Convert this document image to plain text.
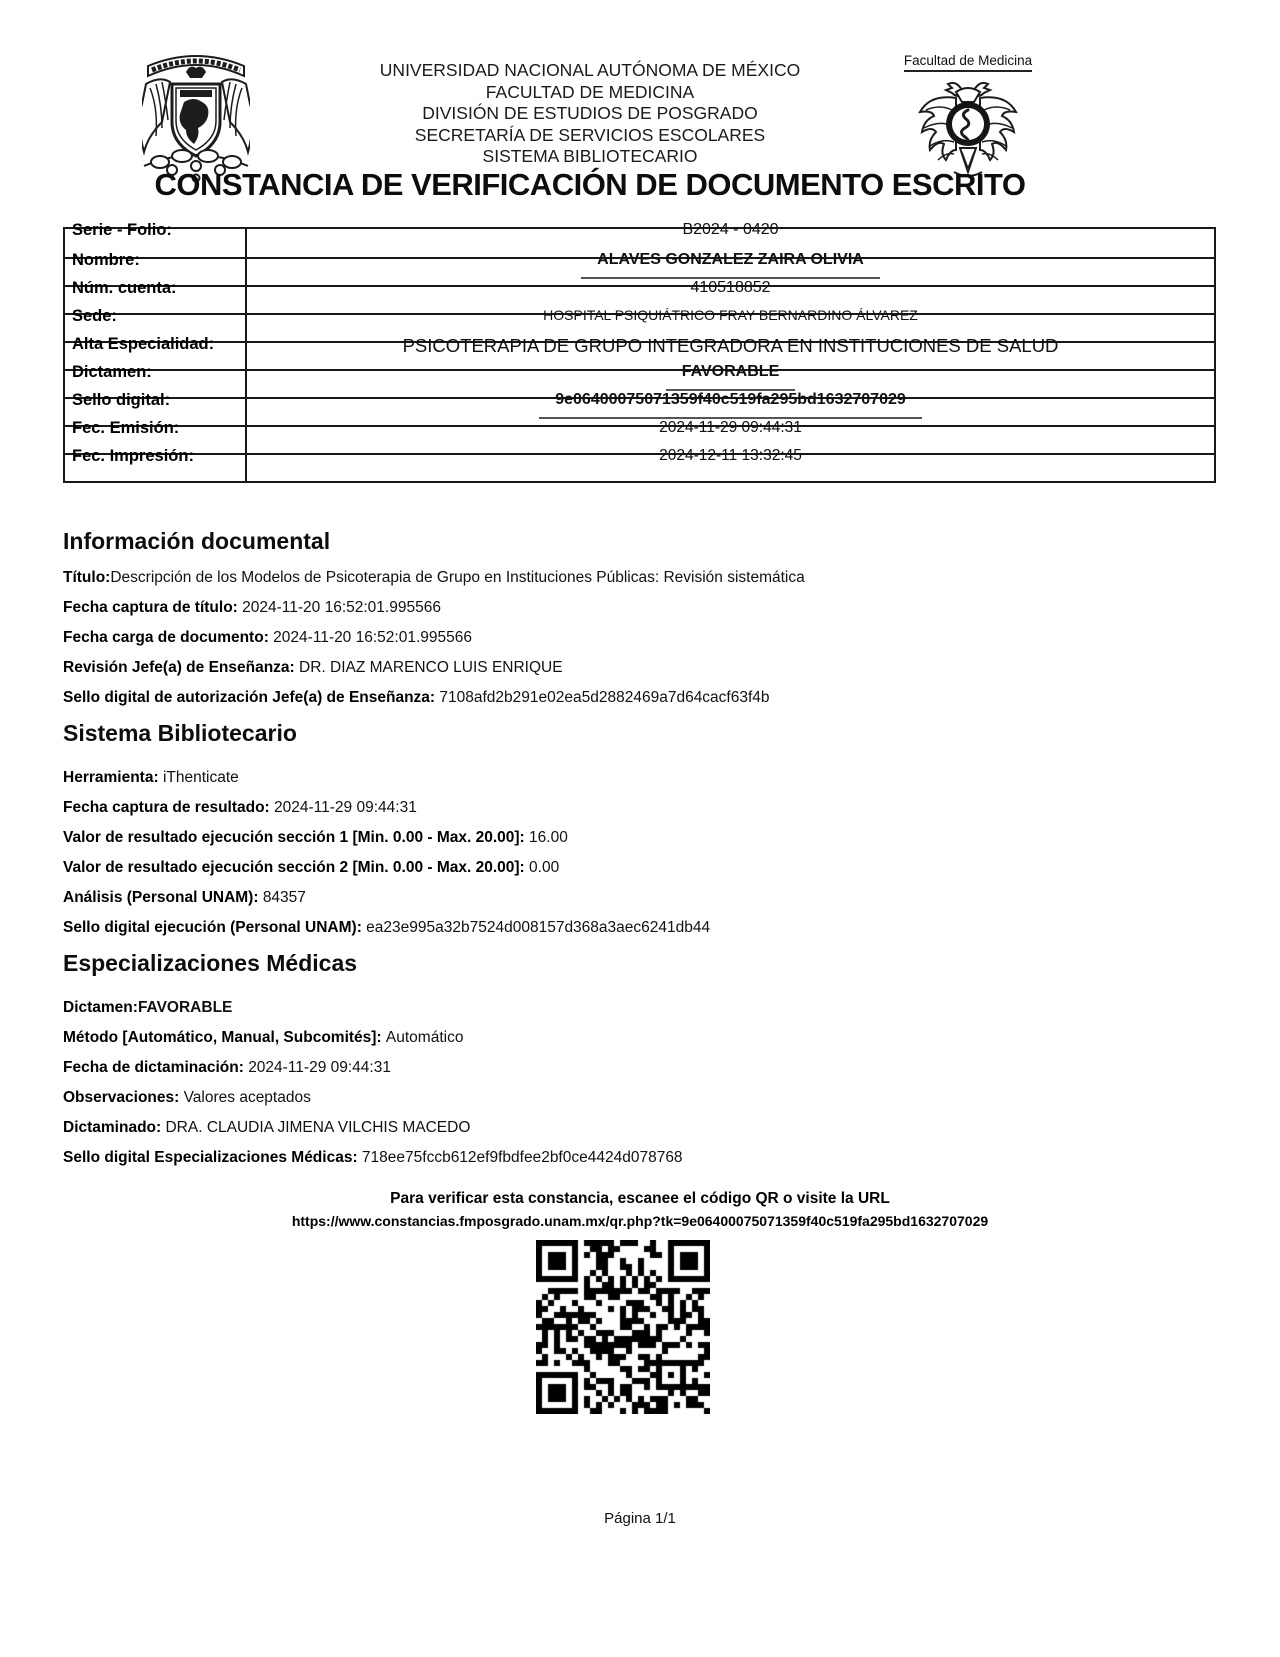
UNIVERSIDAD NACIONAL AUTÓNOMA DE MÉXICO
FACULTAD DE MEDICINA
DIVISIÓN DE ESTUDIOS DE POSGRADO
SECRETARÍA DE SERVICIOS ESCOLARES
SISTEMA BIBLIOTECARIO
Facultad de Medicina

CONSTANCIA DE VERIFICACIÓN DE DOCUMENTO ESCRITO
Serie - Folio:	B2024 - 0420
Nombre:	ALAVES GONZALEZ ZAIRA OLIVIA
Núm. cuenta:	410518852
Sede:	HOSPITAL PSIQUIÁTRICO FRAY BERNARDINO ÁLVAREZ
Alta Especialidad:	PSICOTERAPIA DE GRUPO INTEGRADORA EN INSTITUCIONES DE SALUD
Dictamen:	FAVORABLE
Sello digital:	9e06400075071359f40c519fa295bd1632707029
Fec. Emisión:	2024-11-29 09:44:31
Fec. Impresión:	2024-12-11 13:32:45
Información documental

Título:Descripción de los Modelos de Psicoterapia de Grupo en Instituciones Públicas: Revisión sistemática

Fecha captura de título: 2024-11-20 16:52:01.995566

Fecha carga de documento: 2024-11-20 16:52:01.995566

Revisión Jefe(a) de Enseñanza: DR. DIAZ MARENCO LUIS ENRIQUE

Sello digital de autorización Jefe(a) de Enseñanza: 7108afd2b291e02ea5d2882469a7d64cacf63f4b

Sistema Bibliotecario

Herramienta: iThenticate

Fecha captura de resultado: 2024-11-29 09:44:31

Valor de resultado ejecución sección 1 [Min. 0.00 - Max. 20.00]: 16.00

Valor de resultado ejecución sección 2 [Min. 0.00 - Max. 20.00]: 0.00

Análisis (Personal UNAM): 84357

Sello digital ejecución (Personal UNAM): ea23e995a32b7524d008157d368a3aec6241db44

Especializaciones Médicas

Dictamen:FAVORABLE

Método [Automático, Manual, Subcomités]: Automático

Fecha de dictaminación: 2024-11-29 09:44:31

Observaciones: Valores aceptados

Dictaminado: DRA. CLAUDIA JIMENA VILCHIS MACEDO

Sello digital Especializaciones Médicas: 718ee75fccb612ef9fbdfee2bf0ce4424d078768

Para verificar esta constancia, escanee el código QR o visite la URL

https://www.constancias.fmposgrado.unam.mx/qr.php?tk=9e06400075071359f40c519fa295bd1632707029

Página 1/1
